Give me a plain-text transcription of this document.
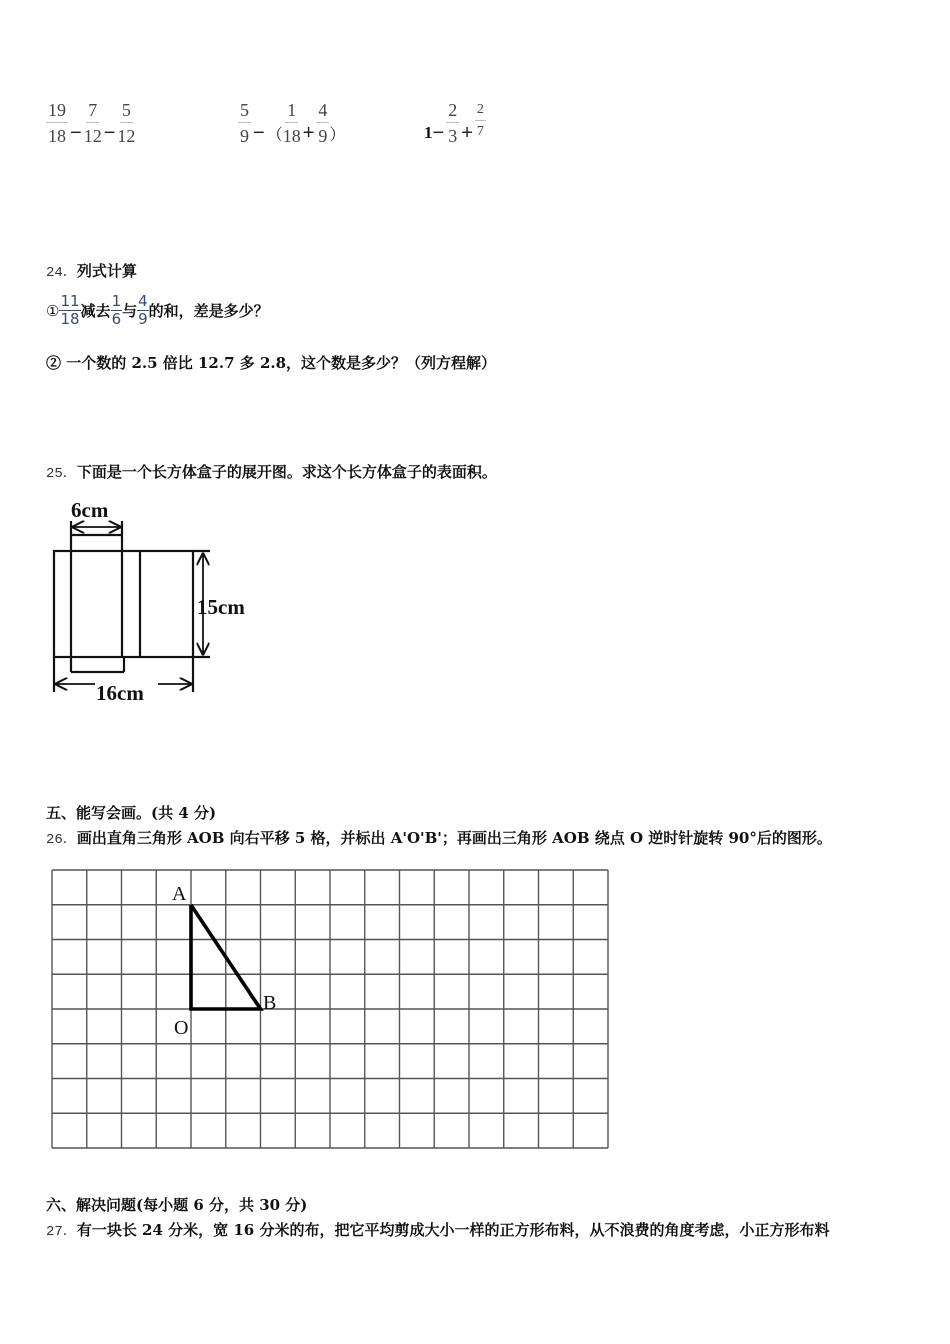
$\frac{19}{18} - \frac{7}{12} - \frac{5}{12}$	$\frac{5}{9}$ − （ $\frac{1}{18} + \frac{4}{9}$ ）	$1 - \frac{2}{3} + \frac{2}{7}$
24．列式计算
① $\frac{11}{18}$ 减去 $\frac{1}{6}$ 与 $\frac{4}{9}$ 的和，差是多少？
② 一个数的 2.5 倍比 12.7 多 2.8，这个数是多少？（列方程解）
25．下面是一个长方体盒子的展开图。求这个长方体盒子的表面积。
6cm
15cm
16cm
五、能写会画。(共 4 分)
26．画出直角三角形 AOB 向右平移 5 格，并标出 A'O'B'；再画出三角形 AOB 绕点 O 逆时针旋转 90°后的图形。
A
O
B
六、解决问题(每小题 6 分，共 30 分)
27．有一块长 24 分米，宽 16 分米的布，把它平均剪成大小一样的正方形布料，从不浪费的角度考虑，小正方形布料
